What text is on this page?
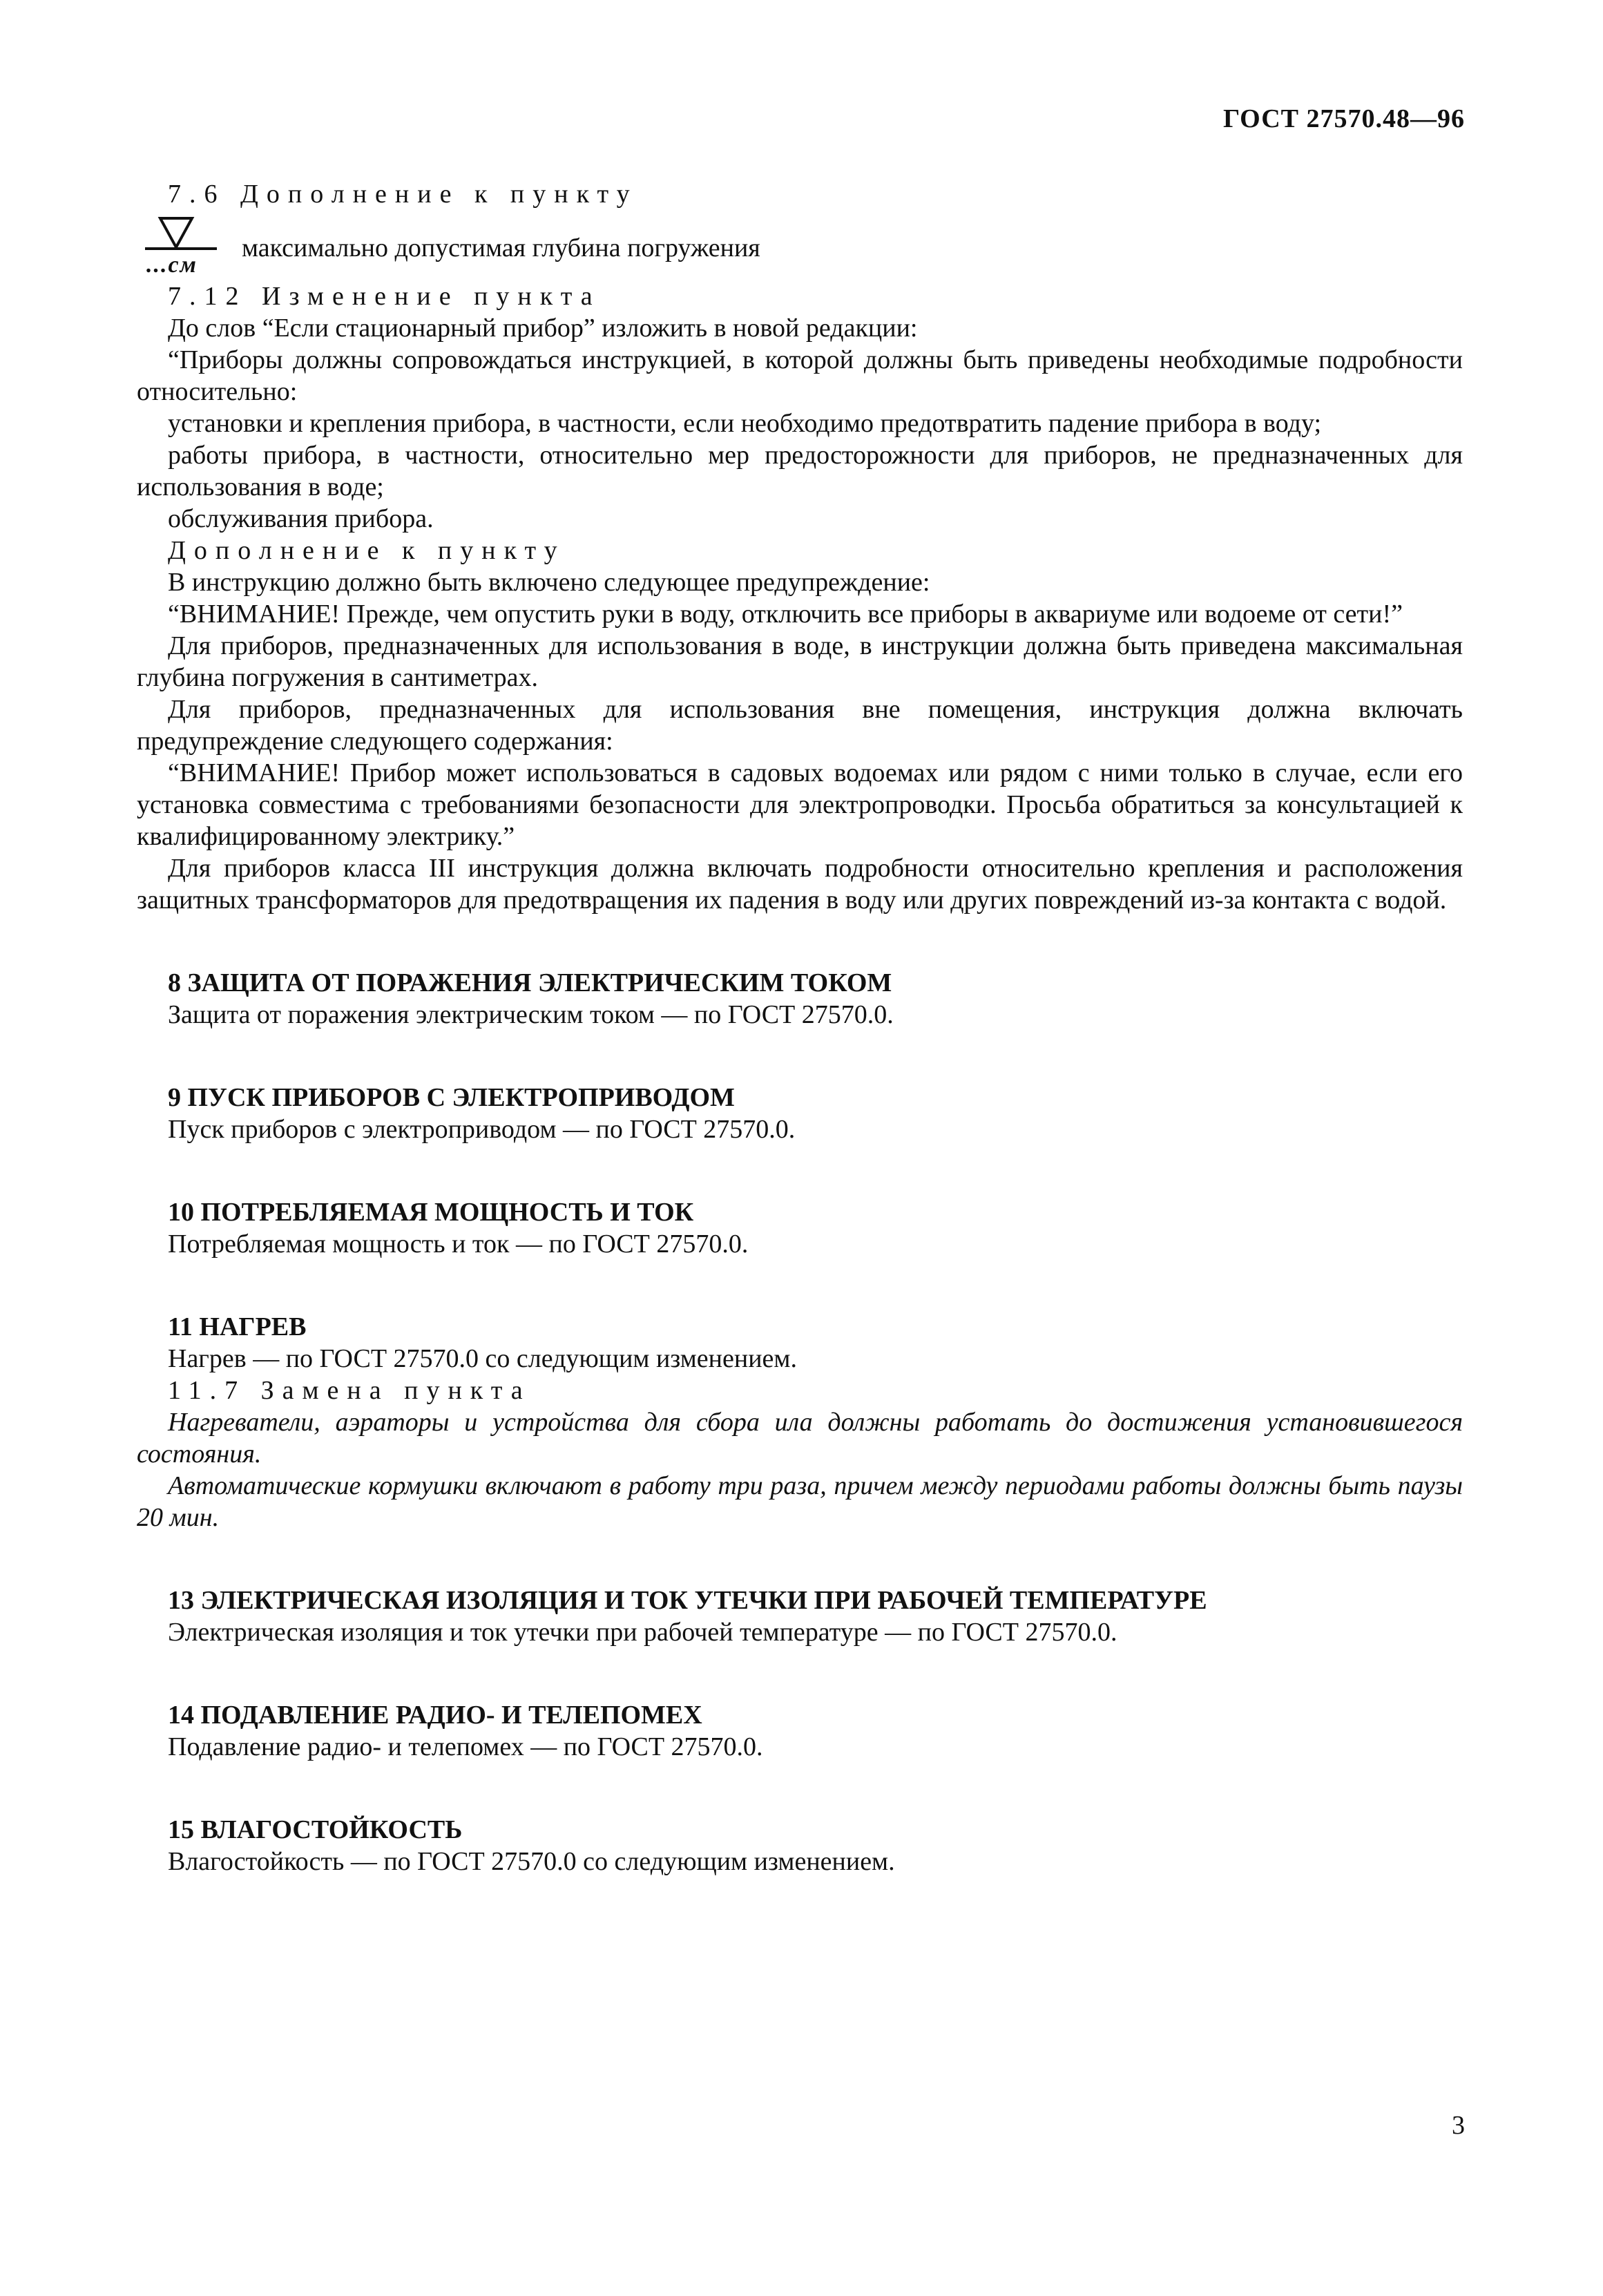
ГОСТ 27570.48—96

7.6 Дополнение к пункту

...см
максимально допустимая глубина погружения

7.12 Изменение пункта

До слов “Если стационарный прибор” изложить в новой редакции:

“Приборы должны сопровождаться инструкцией, в которой должны быть приведены необходимые подробности относительно:

установки и крепления прибора, в частности, если необходимо предотвратить падение прибора в воду;

работы прибора, в частности, относительно мер предосторожности для приборов, не предназначенных для использования в воде;

обслуживания прибора.

Дополнение к пункту

В инструкцию должно быть включено следующее предупреждение:

“ВНИМАНИЕ! Прежде, чем опустить руки в воду, отключить все приборы в аквариуме или водоеме от сети!”

Для приборов, предназначенных для использования в воде, в инструкции должна быть приведена максимальная глубина погружения в сантиметрах.

Для приборов, предназначенных для использования вне помещения, инструкция должна включать предупреждение следующего содержания:

“ВНИМАНИЕ! Прибор может использоваться в садовых водоемах или рядом с ними только в случае, если его установка совместима с требованиями безопасности для электропроводки. Просьба обратиться за консультацией к квалифицированному электрику.”

Для приборов класса III инструкция должна включать подробности относительно крепления и расположения защитных трансформаторов для предотвращения их падения в воду или других повреждений из-за контакта с водой.

8 ЗАЩИТА ОТ ПОРАЖЕНИЯ ЭЛЕКТРИЧЕСКИМ ТОКОМ

Защита от поражения электрическим током — по ГОСТ 27570.0.

9 ПУСК ПРИБОРОВ С ЭЛЕКТРОПРИВОДОМ

Пуск приборов с электроприводом — по ГОСТ 27570.0.

10 ПОТРЕБЛЯЕМАЯ МОЩНОСТЬ И ТОК

Потребляемая мощность и ток — по ГОСТ 27570.0.

11 НАГРЕВ

Нагрев — по ГОСТ 27570.0 со следующим изменением.

11.7 Замена пункта

Нагреватели, аэраторы и устройства для сбора ила должны работать до достижения установившегося состояния.

Автоматические кормушки включают в работу три раза, причем между периодами работы должны быть паузы 20 мин.

13 ЭЛЕКТРИЧЕСКАЯ ИЗОЛЯЦИЯ И ТОК УТЕЧКИ ПРИ РАБОЧЕЙ ТЕМПЕРАТУРЕ

Электрическая изоляция и ток утечки при рабочей температуре — по ГОСТ 27570.0.

14 ПОДАВЛЕНИЕ РАДИО- И ТЕЛЕПОМЕХ

Подавление радио- и телепомех — по ГОСТ 27570.0.

15 ВЛАГОСТОЙКОСТЬ

Влагостойкость — по ГОСТ 27570.0 со следующим изменением.

3
